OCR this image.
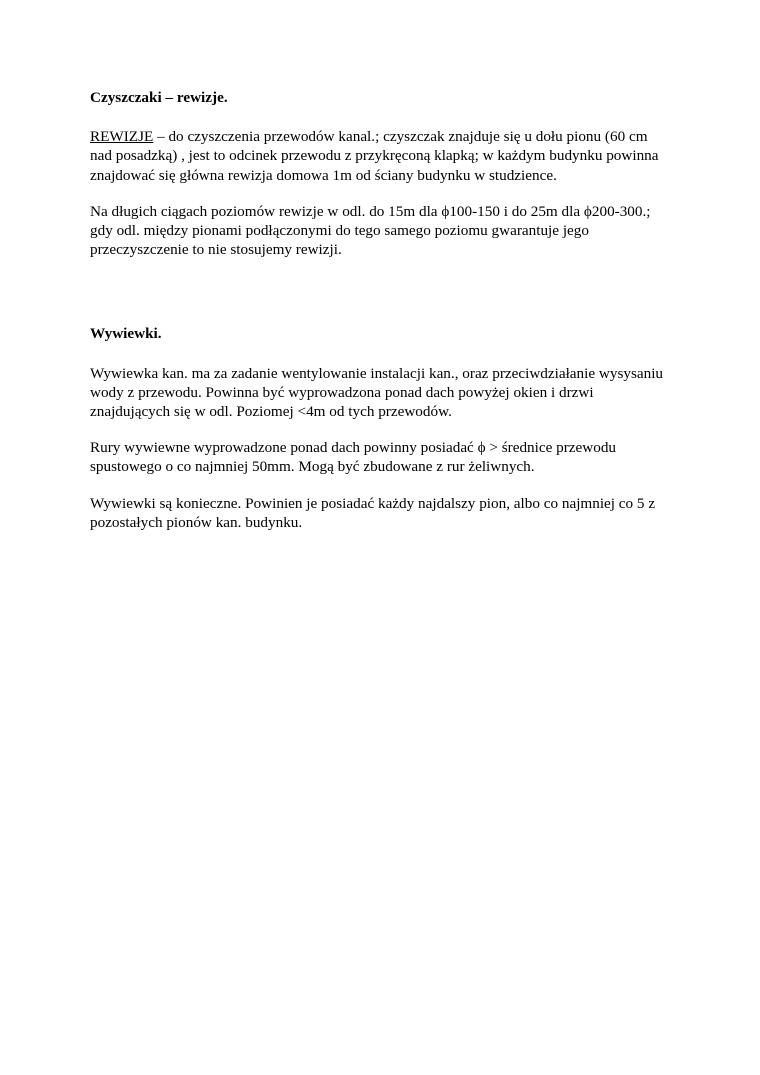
Czyszczaki – rewizje.

REWIZJE – do czyszczenia przewodów kanal.; czyszczak znajduje się u dołu pionu (60 cm
nad posadzką) , jest to odcinek przewodu z przykręconą klapką; w każdym budynku powinna
znajdować się główna rewizja domowa 1m od ściany budynku w studzience.
Na długich ciągach poziomów rewizje w odl. do 15m dla ϕ100-150 i do 25m dla ϕ200-300.;
gdy odl. między pionami podłączonymi do tego samego poziomu gwarantuje jego
przeczyszczenie to nie stosujemy rewizji.

Wywiewki.

Wywiewka kan. ma za zadanie wentylowanie instalacji kan., oraz przeciwdziałanie wysysaniu
wody z przewodu. Powinna być wyprowadzona ponad dach powyżej okien i drzwi
znajdujących się w odl. Poziomej <4m od tych przewodów.
Rury wywiewne wyprowadzone ponad dach powinny posiadać ϕ > średnice przewodu
spustowego o co najmniej 50mm. Mogą być zbudowane z rur żeliwnych.
Wywiewki są konieczne. Powinien je posiadać każdy najdalszy pion, albo co najmniej co 5 z
pozostałych pionów kan. budynku.
